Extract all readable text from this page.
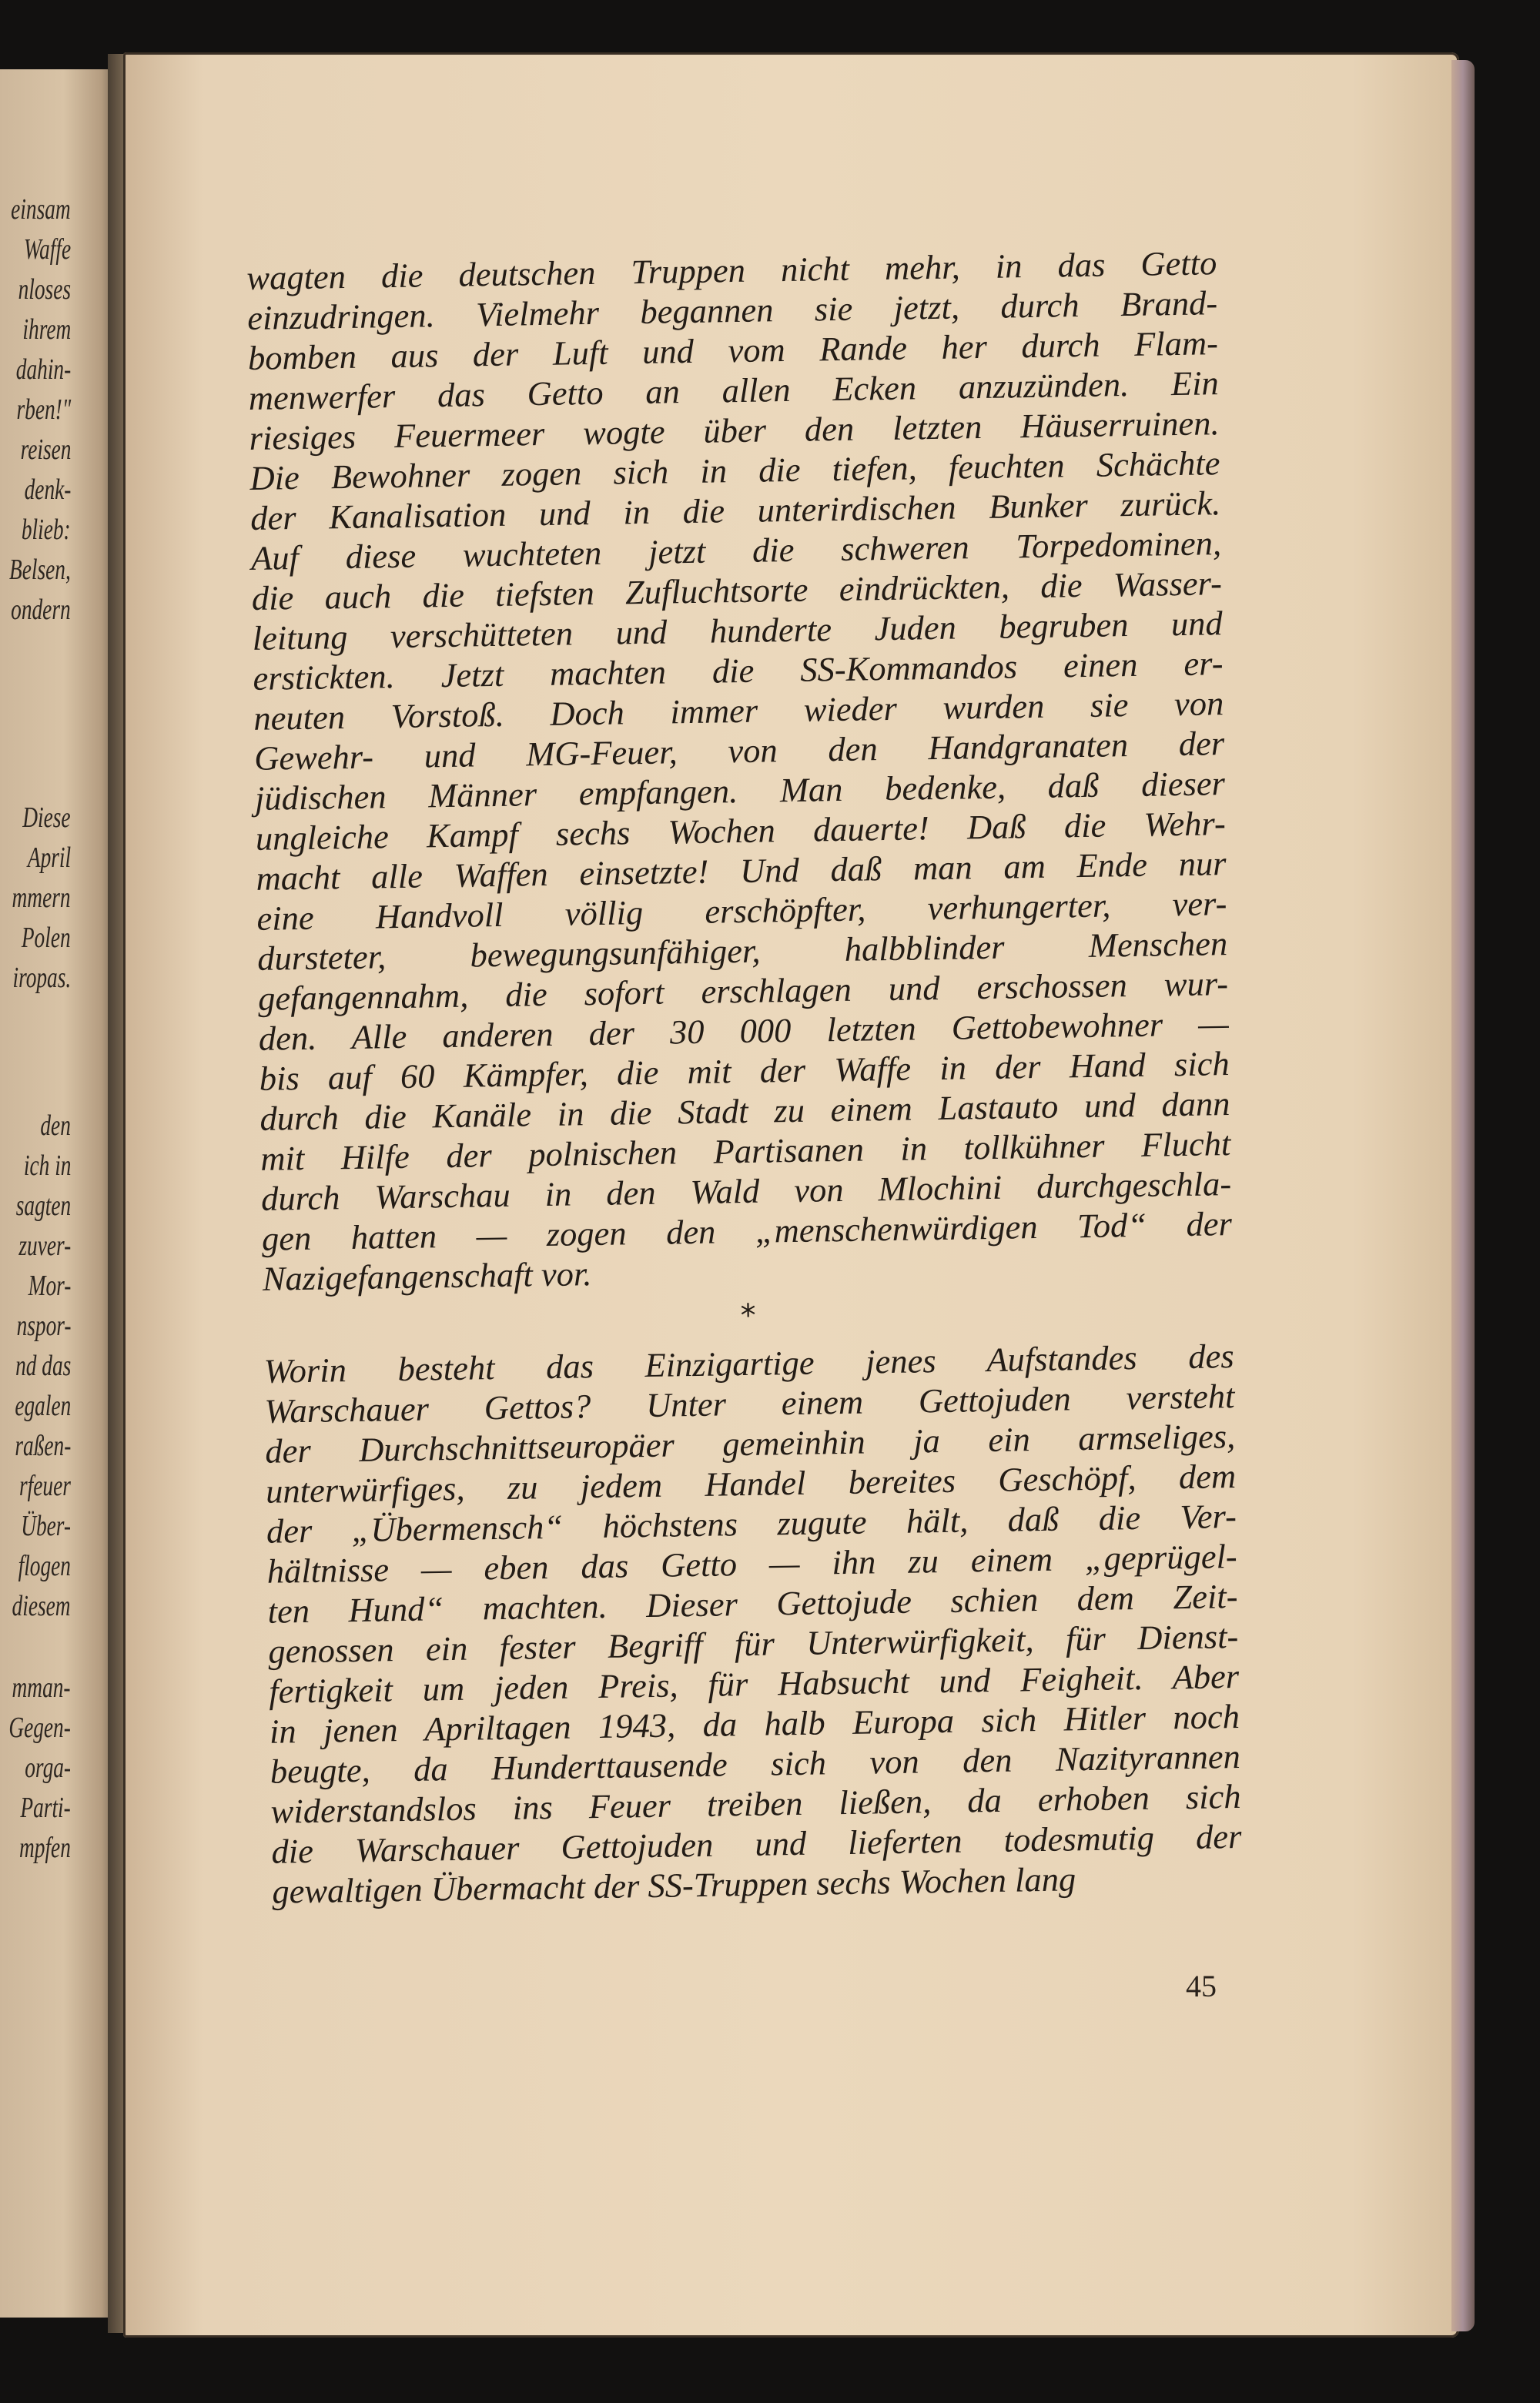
einsam
Waffe
nloses
ihrem
dahin-
rben!"
reisen
denk-
blieb:
Belsen,
ondern
Diese
April
mmern
Polen
iropas.
den
ich in
sagten
zuver-
Mor-
nspor-
nd das
egalen
raßen-
rfeuer
Über-
flogen
diesem
mman-
Gegen-
orga-
Parti-
mpfen
wagten die deutschen Truppen nicht mehr, in das Getto
einzudringen. Vielmehr begannen sie jetzt, durch Brand-
bomben aus der Luft und vom Rande her durch Flam-
menwerfer das Getto an allen Ecken anzuzünden. Ein
riesiges Feuermeer wogte über den letzten Häuserruinen.
Die Bewohner zogen sich in die tiefen, feuchten Schächte
der Kanalisation und in die unterirdischen Bunker zurück.
Auf diese wuchteten jetzt die schweren Torpedominen,
die auch die tiefsten Zufluchtsorte eindrückten, die Wasser-
leitung verschütteten und hunderte Juden begruben und
erstickten. Jetzt machten die SS-Kommandos einen er-
neuten Vorstoß. Doch immer wieder wurden sie von
Gewehr- und MG-Feuer, von den Handgranaten der
jüdischen Männer empfangen. Man bedenke, daß dieser
ungleiche Kampf sechs Wochen dauerte! Daß die Wehr-
macht alle Waffen einsetzte! Und daß man am Ende nur
eine Handvoll völlig erschöpfter, verhungerter, ver-
dursteter, bewegungsunfähiger, halbblinder Menschen
gefangennahm, die sofort erschlagen und erschossen wur-
den. Alle anderen der 30 000 letzten Gettobewohner —
bis auf 60 Kämpfer, die mit der Waffe in der Hand sich
durch die Kanäle in die Stadt zu einem Lastauto und dann
mit Hilfe der polnischen Partisanen in tollkühner Flucht
durch Warschau in den Wald von Mlochini durchgeschla-
gen hatten — zogen den „menschenwürdigen Tod“ der
Nazigefangenschaft vor.
*
Worin besteht das Einzigartige jenes Aufstandes des
Warschauer Gettos? Unter einem Gettojuden versteht
der Durchschnittseuropäer gemeinhin ja ein armseliges,
unterwürfiges, zu jedem Handel bereites Geschöpf, dem
der „Übermensch“ höchstens zugute hält, daß die Ver-
hältnisse — eben das Getto — ihn zu einem „geprügel-
ten Hund“ machten. Dieser Gettojude schien dem Zeit-
genossen ein fester Begriff für Unterwürfigkeit, für Dienst-
fertigkeit um jeden Preis, für Habsucht und Feigheit. Aber
in jenen Apriltagen 1943, da halb Europa sich Hitler noch
beugte, da Hunderttausende sich von den Nazityrannen
widerstandslos ins Feuer treiben ließen, da erhoben sich
die Warschauer Gettojuden und lieferten todesmutig der
gewaltigen Übermacht der SS-Truppen sechs Wochen lang
45
